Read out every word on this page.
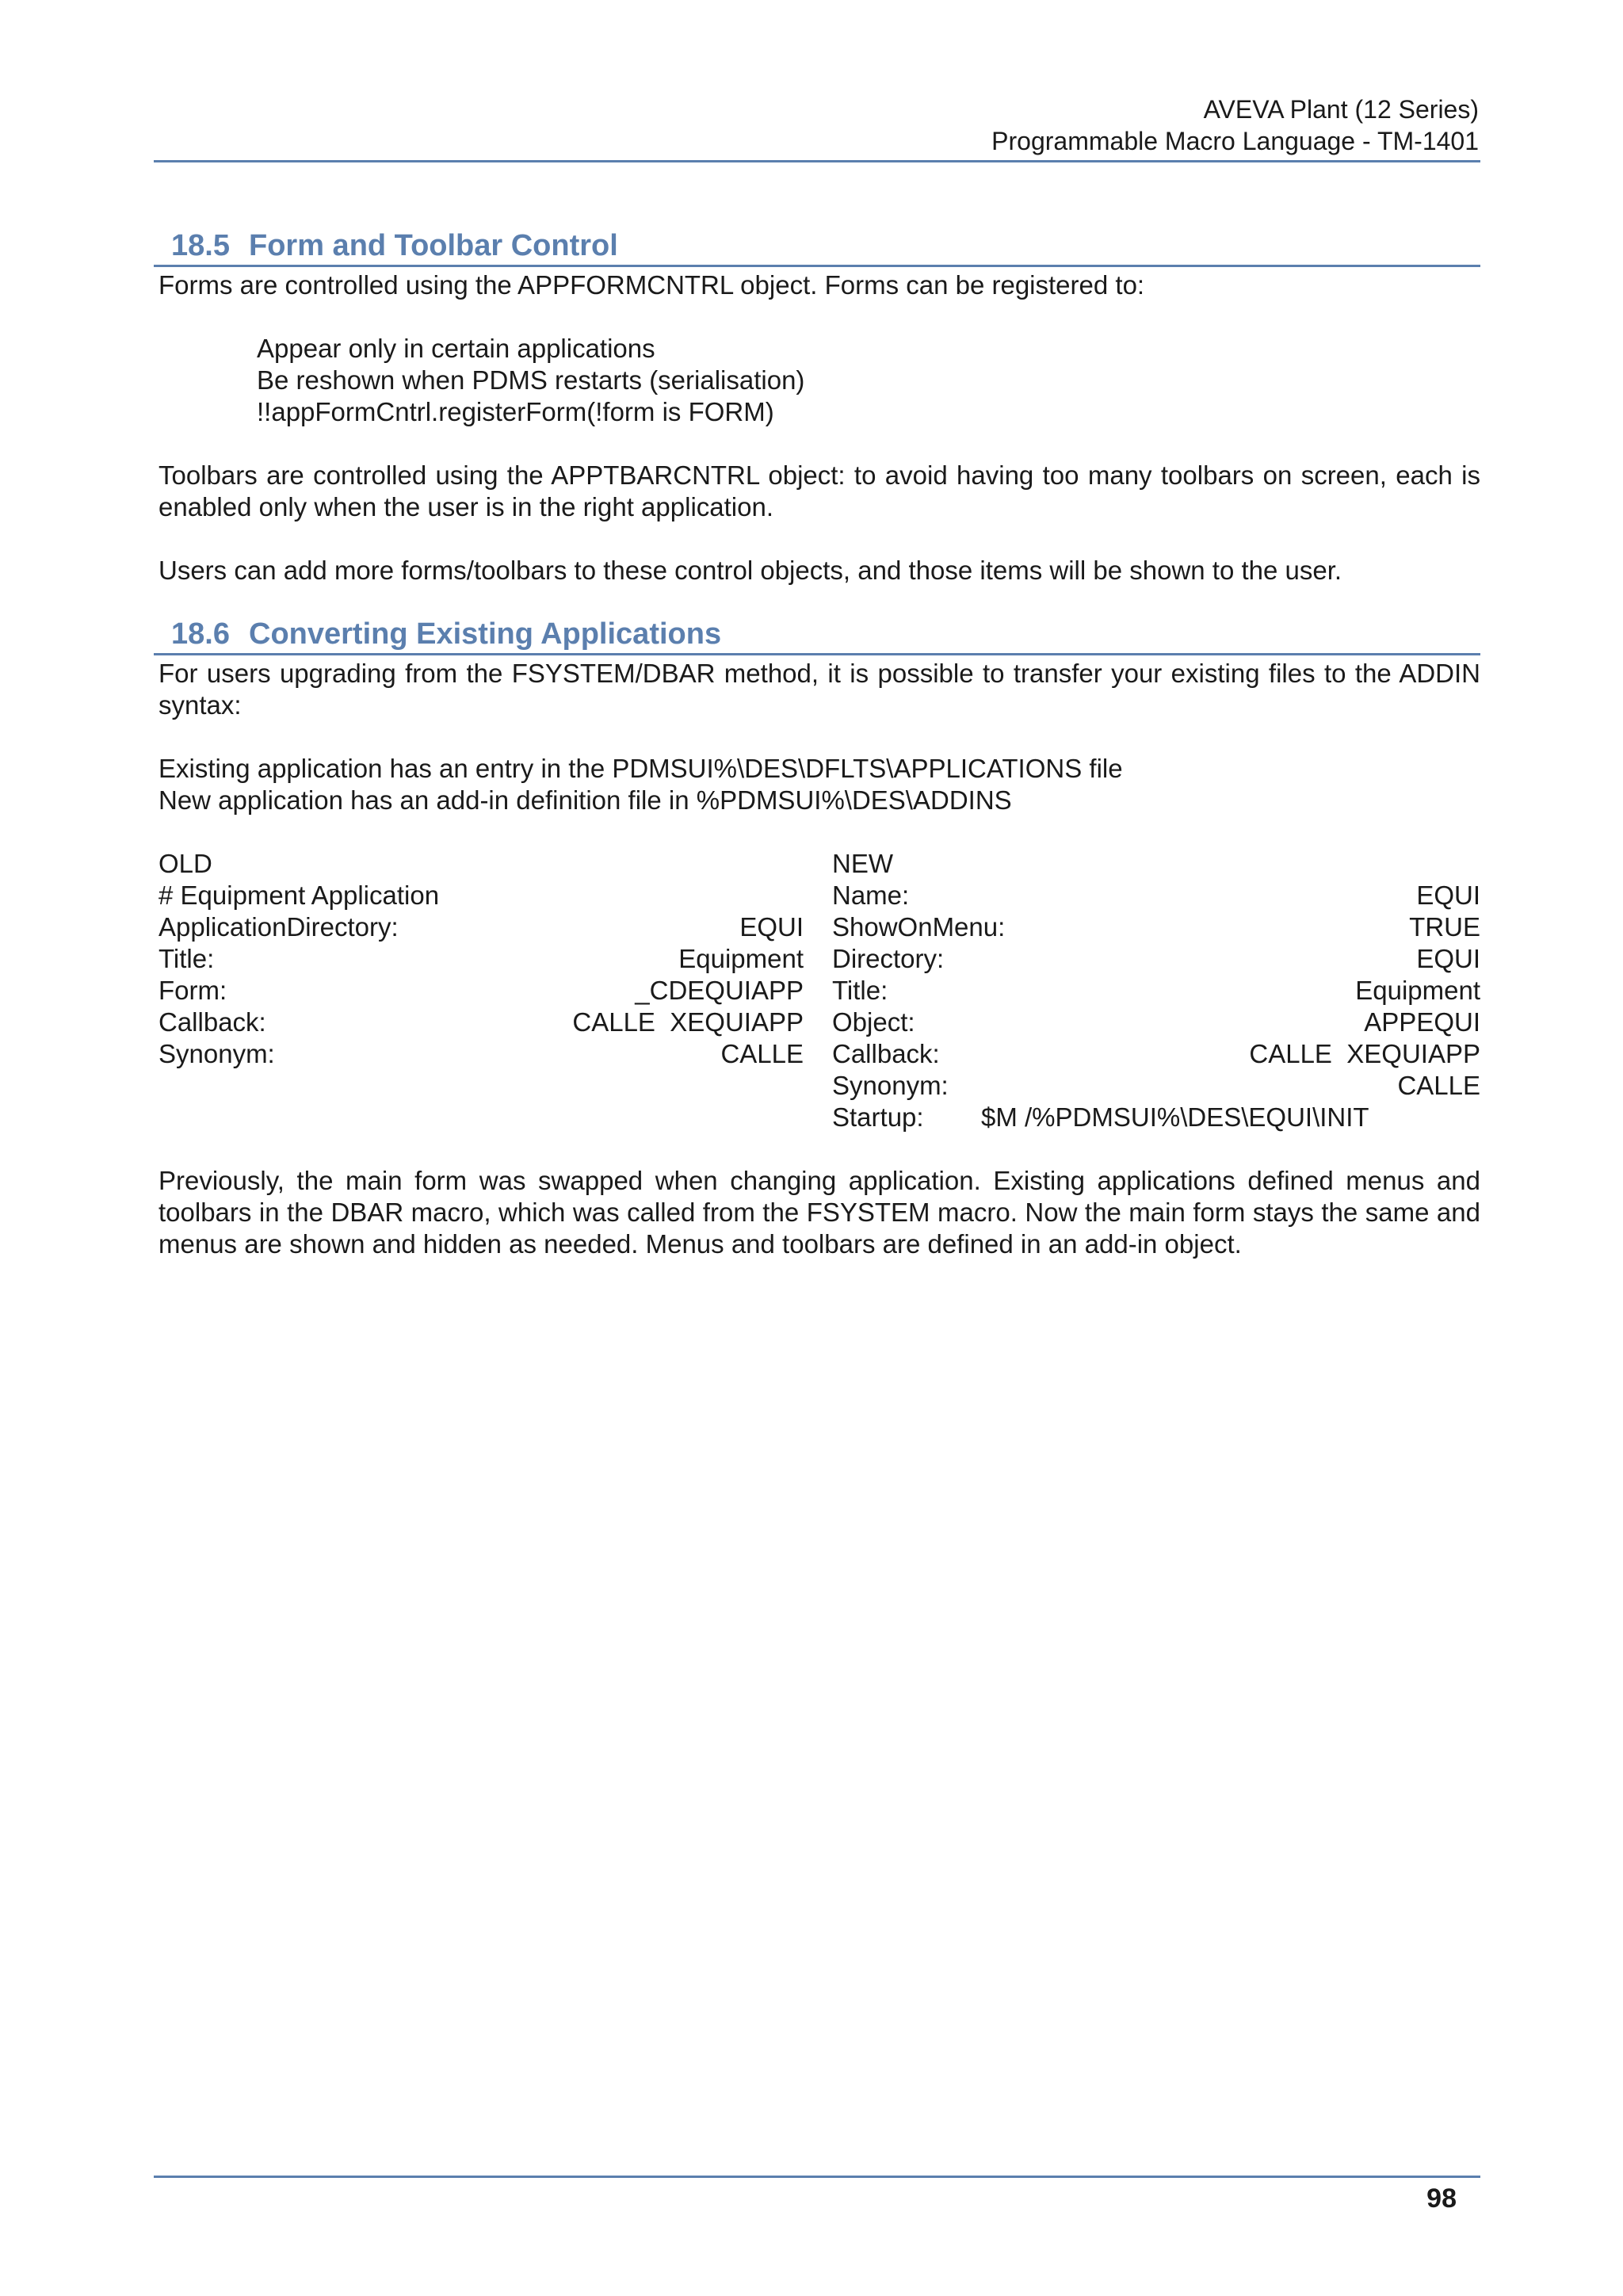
AVEVA Plant (12 Series)
Programmable Macro Language - TM-1401
18.5 Form and Toolbar Control
Forms are controlled using the APPFORMCNTRL object. Forms can be registered to:
Appear only in certain applications
Be reshown when PDMS restarts (serialisation)
!!appFormCntrl.registerForm(!form is FORM)
Toolbars are controlled using the APPTBARCNTRL object: to avoid having too many toolbars on screen, each is enabled only when the user is in the right application.
Users can add more forms/toolbars to these control objects, and those items will be shown to the user.
18.6 Converting Existing Applications
For users upgrading from the FSYSTEM/DBAR method, it is possible to transfer your existing files to the ADDIN syntax:
Existing application has an entry in the PDMSUI%\DES\DFLTS\APPLICATIONS file
New application has an add-in definition file in %PDMSUI%\DES\ADDINS
OLD
# Equipment Application
ApplicationDirectory:	EQUI
Title:	Equipment
Form:	_CDEQUIAPP
Callback:	CALLE  XEQUIAPP
Synonym:	CALLE
NEW
Name:	EQUI
ShowOnMenu:	TRUE
Directory:	EQUI
Title:	Equipment
Object:	APPEQUI
Callback:	CALLE  XEQUIAPP
Synonym:	CALLE
Startup: $M /%PDMSUI%\DES\EQUI\INIT
Previously, the main form was swapped when changing application. Existing applications defined menus and toolbars in the DBAR macro, which was called from the FSYSTEM macro. Now the main form stays the same and menus are shown and hidden as needed. Menus and toolbars are defined in an add-in object.
98
